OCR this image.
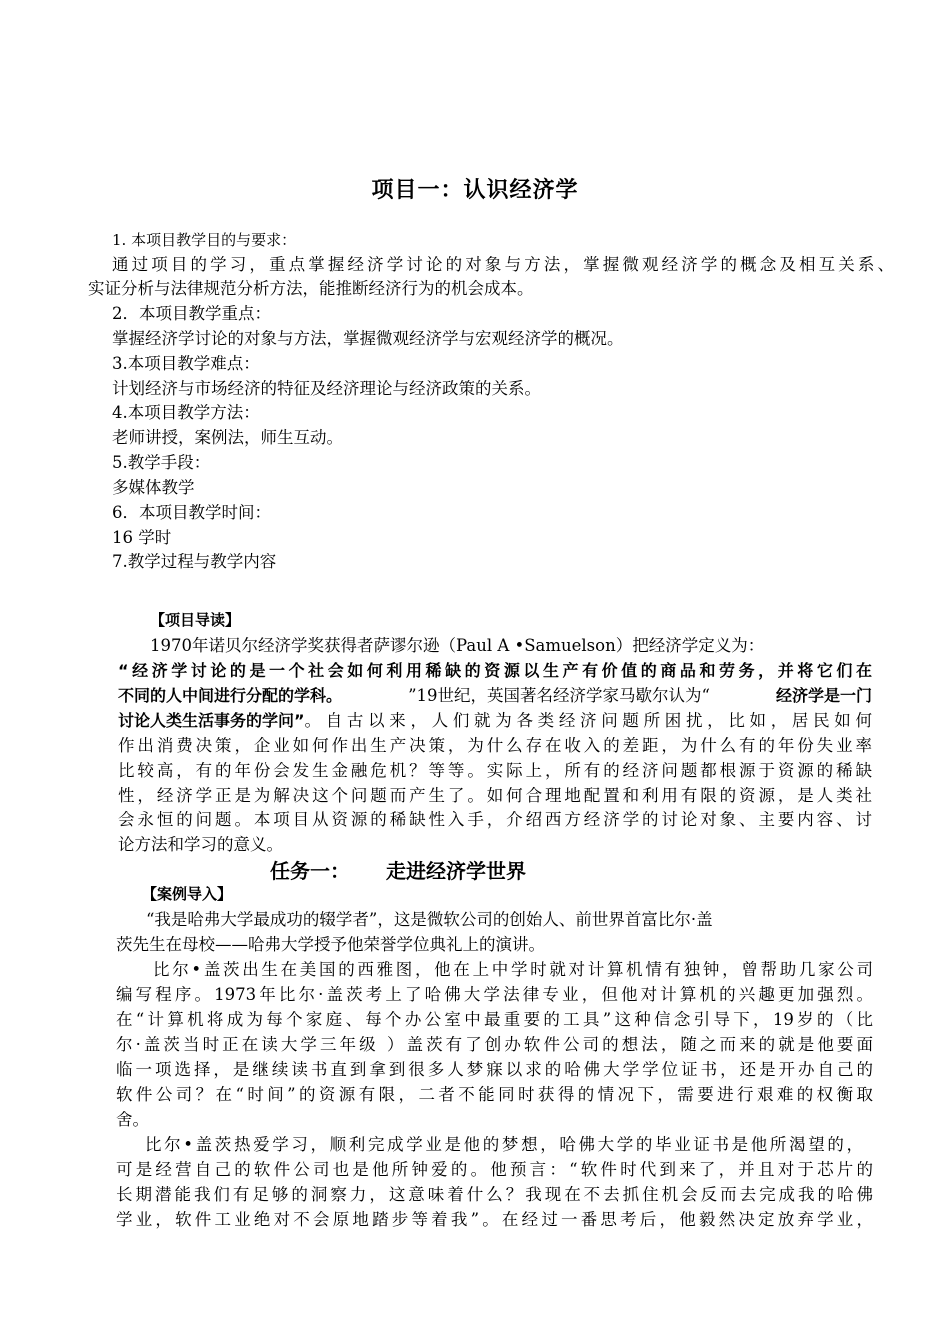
项目一：认识经济学
1. 本项目教学目的与要求：
通过项目的学习，重点掌握经济学讨论的对象与方法，掌握微观经济学的概念及相互关系、
实证分析与法律规范分析方法，能推断经济行为的机会成本。
2．本项目教学重点：
掌握经济学讨论的对象与方法，掌握微观经济学与宏观经济学的概况。
3.本项目教学难点：
计划经济与市场经济的特征及经济理论与经济政策的关系。
4.本项目教学方法：
老师讲授，案例法，师生互动。
5.教学手段：
多媒体教学
6．本项目教学时间：
16 学时
7.教学过程与教学内容
【项目导读】
1970年诺贝尔经济学奖获得者萨谬尔逊（Paul A •Samuelson）把经济学定义为：
“经济学讨论的是一个社会如何利用稀缺的资源以生产有价值的商品和劳务，并将它们在
不同的人中间进行分配的学科。	”19世纪，英国著名经济学家马歇尔认为“	经济学是一门
讨论人类生活事务的学问” 。自古以来，人们就为各类经济问题所困扰，比如，居民如何
作出消费决策，企业如何作出生产决策，为什么存在收入的差距，为什么有的年份失业率
比较高，有的年份会发生金融危机？等等。实际上，所有的经济问题都根源于资源的稀缺
性，经济学正是为解决这个问题而产生了。如何合理地配置和利用有限的资源，是人类社
会永恒的问题。本项目从资源的稀缺性入手，介绍西方经济学的讨论对象、主要内容、讨
论方法和学习的意义。
任务一： 走进经济学世界
【案例导入】
“我是哈弗大学最成功的辍学者”，这是微软公司的创始人、前世界首富比尔·盖
茨先生在母校——哈弗大学授予他荣誉学位典礼上的演讲。
比尔•盖茨出生在美国的西雅图，他在上中学时就对计算机情有独钟，曾帮助几家公司
编写程序。1973年比尔·盖茨考上了哈佛大学法律专业，但他对计算机的兴趣更加强烈。
在“计算机将成为每个家庭、每个办公室中最重要的工具”这种信念引导下，19岁的（比
尔·盖茨当时正在读大学三年级 ）盖茨有了创办软件公司的想法，随之而来的就是他要面
临一项选择，是继续读书直到拿到很多人梦寐以求的哈佛大学学位证书，还是开办自己的
软件公司？在“时间”的资源有限，二者不能同时获得的情况下，需要进行艰难的权衡取
舍。
比尔•盖茨热爱学习，顺利完成学业是他的梦想，哈佛大学的毕业证书是他所渴望的，
可是经营自己的软件公司也是他所钟爱的。他预言：“软件时代到来了，并且对于芯片的
长期潜能我们有足够的洞察力，这意味着什么？我现在不去抓住机会反而去完成我的哈佛
学业，软件工业绝对不会原地踏步等着我”。在经过一番思考后，他毅然决定放弃学业，
